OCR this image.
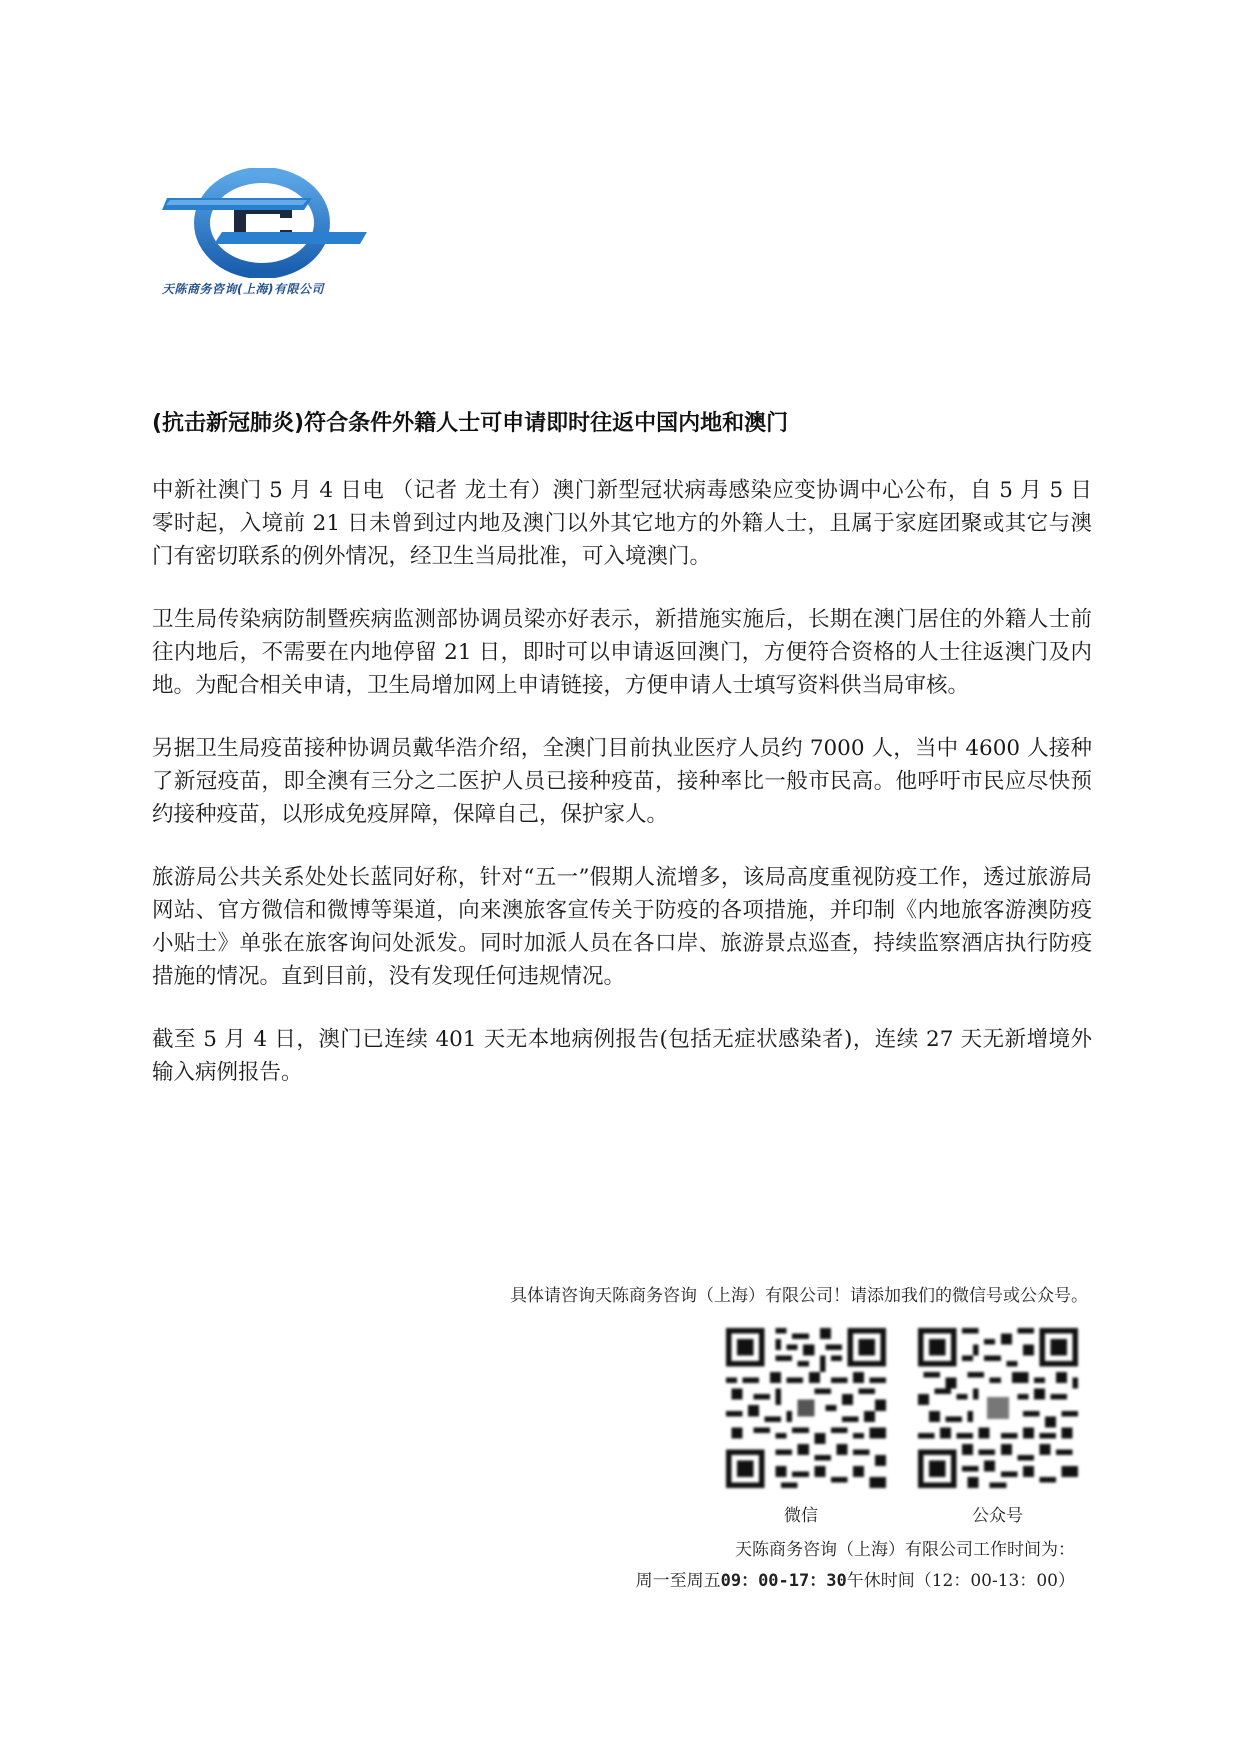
天陈商务咨询(上海)有限公司
(抗击新冠肺炎)符合条件外籍人士可申请即时往返中国内地和澳门

中新社澳门 5 月 4 日电 （记者 龙土有）澳门新型冠状病毒感染应变协调中心公布，自 5 月 5 日零时起，入境前 21 日未曾到过内地及澳门以外其它地方的外籍人士，且属于家庭团聚或其它与澳门有密切联系的例外情况，经卫生当局批准，可入境澳门。

卫生局传染病防制暨疾病监测部协调员梁亦好表示，新措施实施后，长期在澳门居住的外籍人士前往内地后，不需要在内地停留 21 日，即时可以申请返回澳门，方便符合资格的人士往返澳门及内地。为配合相关申请，卫生局增加网上申请链接，方便申请人士填写资料供当局审核。

另据卫生局疫苗接种协调员戴华浩介绍，全澳门目前执业医疗人员约 7000 人，当中 4600 人接种了新冠疫苗，即全澳有三分之二医护人员已接种疫苗，接种率比一般市民高。他呼吁市民应尽快预约接种疫苗，以形成免疫屏障，保障自己，保护家人。

旅游局公共关系处处长蓝同好称，针对“五一”假期人流增多，该局高度重视防疫工作，透过旅游局网站、官方微信和微博等渠道，向来澳旅客宣传关于防疫的各项措施，并印制《内地旅客游澳防疫小贴士》单张在旅客询问处派发。同时加派人员在各口岸、旅游景点巡查，持续监察酒店执行防疫措施的情况。直到目前，没有发现任何违规情况。

截至 5 月 4 日，澳门已连续 401 天无本地病例报告(包括无症状感染者)，连续 27 天无新增境外输入病例报告。

具体请咨询天陈商务咨询（上海）有限公司！请添加我们的微信号或公众号。
微信	公众号
天陈商务咨询（上海）有限公司工作时间为：
周一至周五09：00-17：30午休时间（12：00-13：00）
